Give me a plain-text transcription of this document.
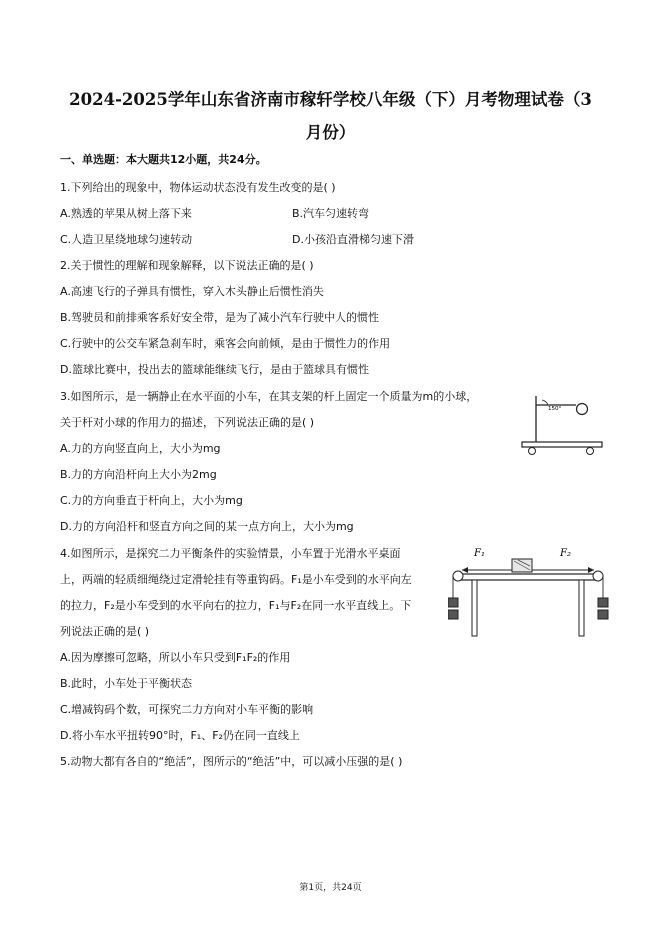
2024-2025学年山东省济南市稼轩学校八年级（下）月考物理试卷（3
月份）
一、单选题：本大题共12小题，共24分。
1.下列给出的现象中，物体运动状态没有发生改变的是( )
A.熟透的苹果从树上落下来	B.汽车匀速转弯
C.人造卫星绕地球匀速转动	D.小孩沿直滑梯匀速下滑
2.关于惯性的理解和现象解释，以下说法正确的是( )
A.高速飞行的子弹具有惯性，穿入木头静止后惯性消失
B.驾驶员和前排乘客系好安全带，是为了减小汽车行驶中人的惯性
C.行驶中的公交车紧急刹车时，乘客会向前倾，是由于惯性力的作用
D.篮球比赛中，投出去的篮球能继续飞行，是由于篮球具有惯性
3.如图所示，是一辆静止在水平面的小车，在其支架的杆上固定一个质量为m的小球，
关于杆对小球的作用力的描述，下列说法正确的是( )
A.力的方向竖直向上，大小为mg
B.力的方向沿杆向上大小为2mg
C.力的方向垂直于杆向上，大小为mg
D.力的方向沿杆和竖直方向之间的某一点方向上，大小为mg
150°
4.如图所示，是探究二力平衡条件的实验情景，小车置于光滑水平桌面
上，两端的轻质细绳绕过定滑轮挂有等重钩码。F₁是小车受到的水平向左
的拉力，F₂是小车受到的水平向右的拉力，F₁与F₂在同一水平直线上。下
列说法正确的是( )
A.因为摩擦可忽略，所以小车只受到F₁F₂的作用
B.此时，小车处于平衡状态
C.增减钩码个数，可探究二力方向对小车平衡的影响
D.将小车水平扭转90°时，F₁、F₂仍在同一直线上
F₁	F₂
5.动物大都有各自的“绝活”，图所示的“绝活”中，可以减小压强的是( )
第1页，共24页
